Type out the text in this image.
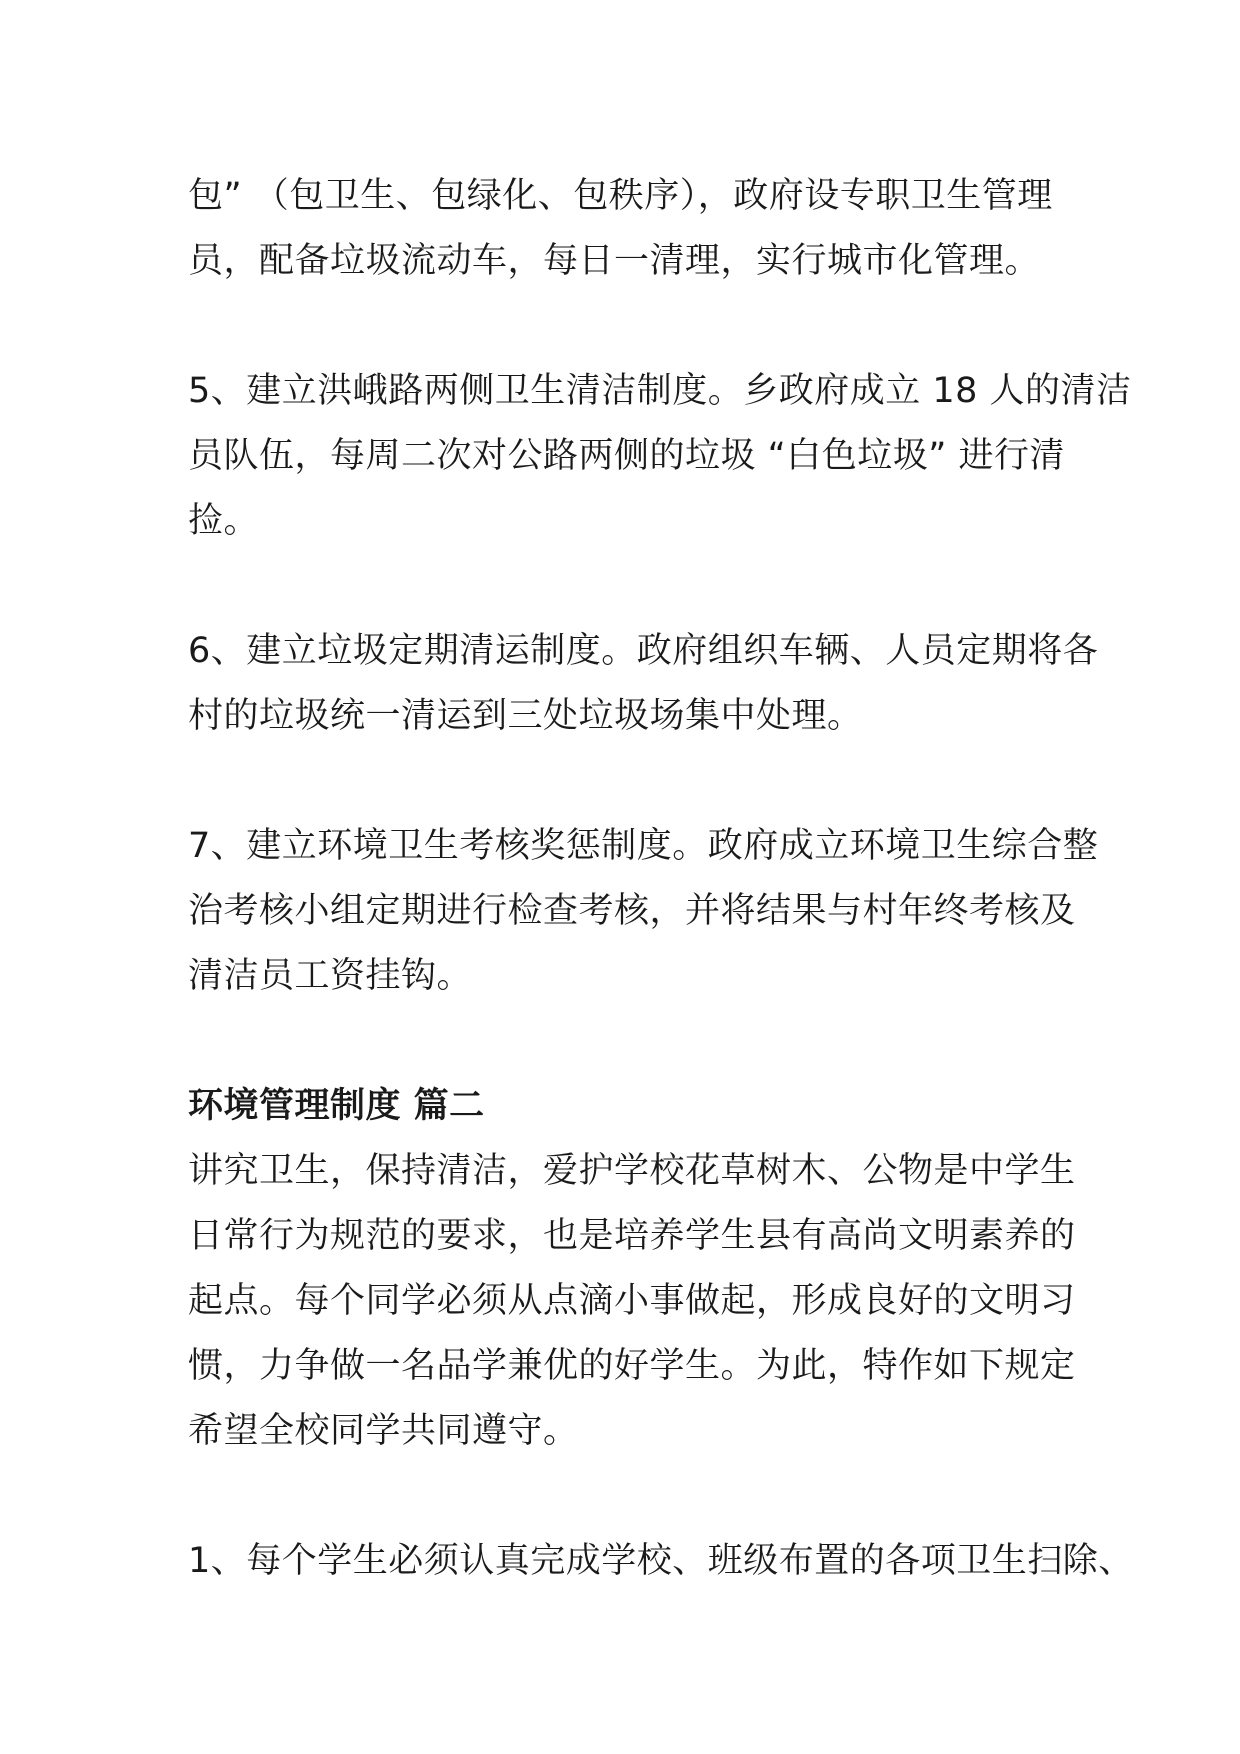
包” （包卫生、包绿化、包秩序），政府设专职卫生管理
员，配备垃圾流动车，每日一清理，实行城市化管理。

5、建立洪峨路两侧卫生清洁制度。乡政府成立 18 人的清洁
员队伍，每周二次对公路两侧的垃圾 “白色垃圾” 进行清
捡。

6、建立垃圾定期清运制度。政府组织车辆、人员定期将各
村的垃圾统一清运到三处垃圾场集中处理。

7、建立环境卫生考核奖惩制度。政府成立环境卫生综合整
治考核小组定期进行检查考核，并将结果与村年终考核及
清洁员工资挂钩。

环境管理制度 篇二

讲究卫生，保持清洁，爱护学校花草树木、公物是中学生
日常行为规范的要求，也是培养学生县有高尚文明素养的
起点。每个同学必须从点滴小事做起，形成良好的文明习
惯，力争做一名品学兼优的好学生。为此，特作如下规定
希望全校同学共同遵守。

1、每个学生必须认真完成学校、班级布置的各项卫生扫除、
